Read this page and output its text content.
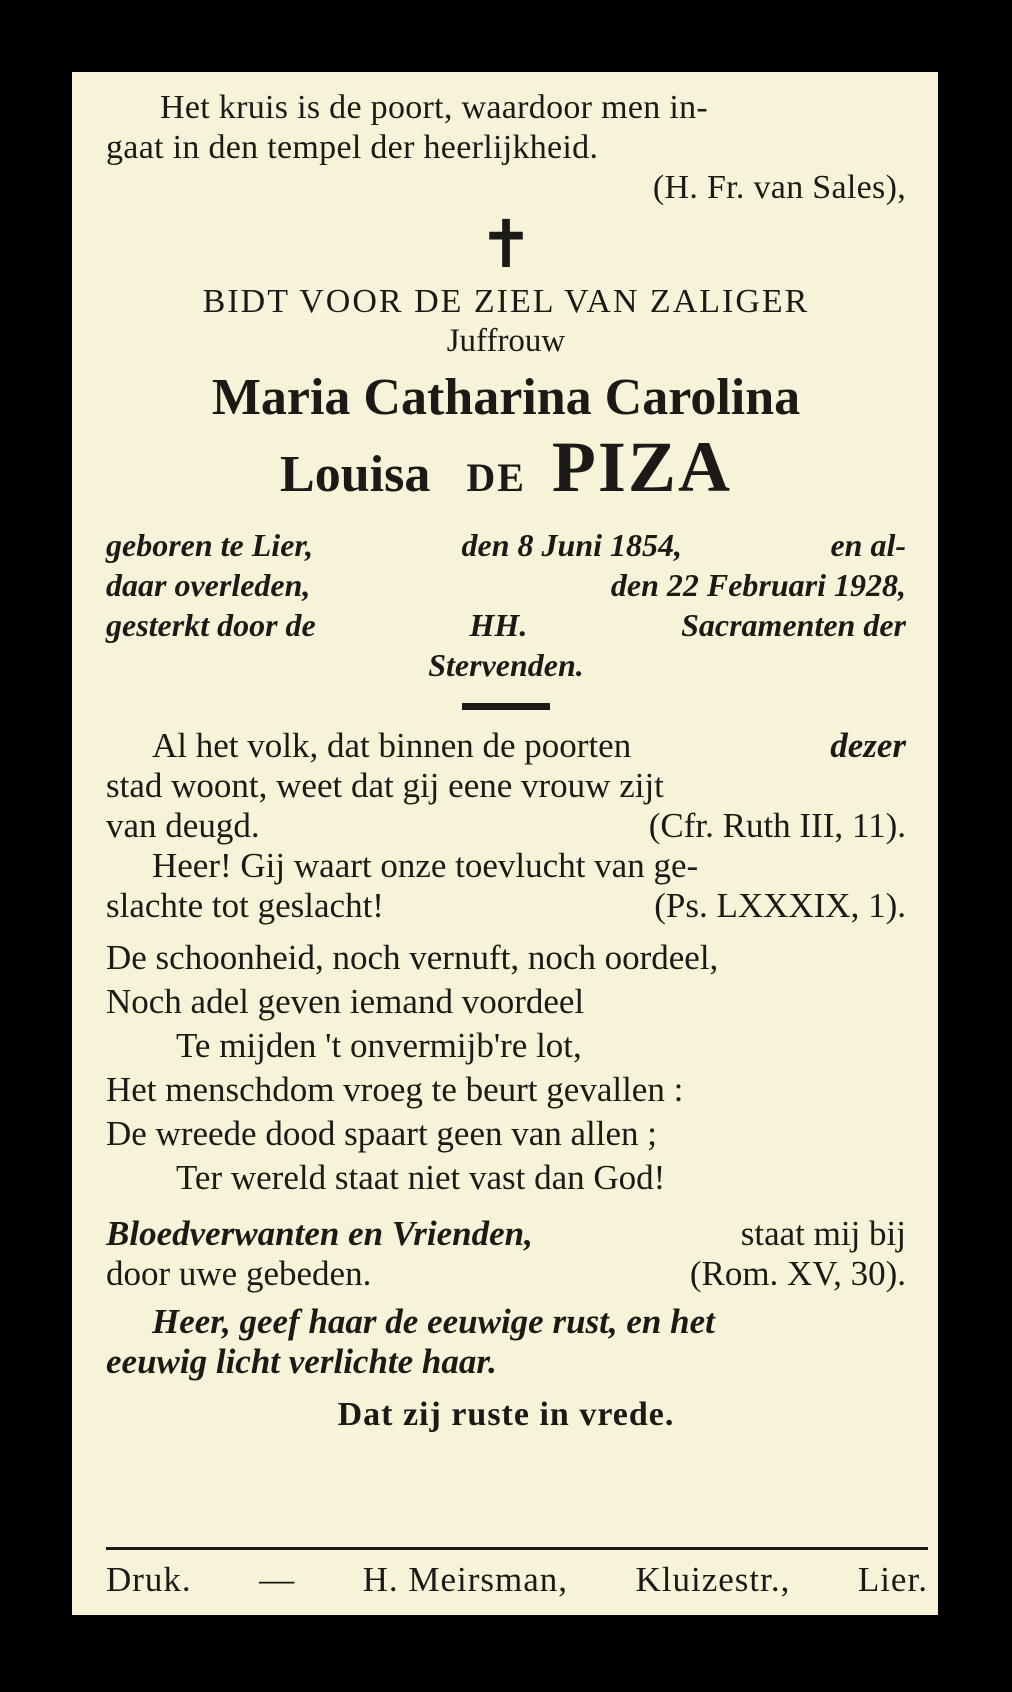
Het kruis is de poort, waardoor men in-
gaat in den tempel der heerlijkheid.
(H. Fr. van Sales),
✝
BIDT VOOR DE ZIEL VAN ZALIGER
Juffrouw
Maria Catharina Carolina
Louisa DE PIZA
geboren te Lier,	den 8 Juni 1854,	en al-
daar overleden,	den 22 Februari 1928,
gesterkt door de	HH.	Sacramenten der
Stervenden.
Al het volk, dat binnen de poorten	dezer
stad woont, weet dat gij eene vrouw zijt
van deugd.	(Cfr. Ruth III, 11).
Heer! Gij waart onze toevlucht van ge-
slachte tot geslacht!	(Ps. LXXXIX, 1).
De schoonheid, noch vernuft, noch oordeel,
Noch adel geven iemand voordeel
Te mijden 't onvermijb're lot,
Het menschdom vroeg te beurt gevallen :
De wreede dood spaart geen van allen ;
Ter wereld staat niet vast dan God!
Bloedverwanten en Vrienden,	staat mij bij
door uwe gebeden.	(Rom. XV, 30).
Heer, geef haar de eeuwige rust, en het
eeuwig licht verlichte haar.
Dat zij ruste in vrede.
Druk. — H. Meirsman, Kluizestr., Lier.
